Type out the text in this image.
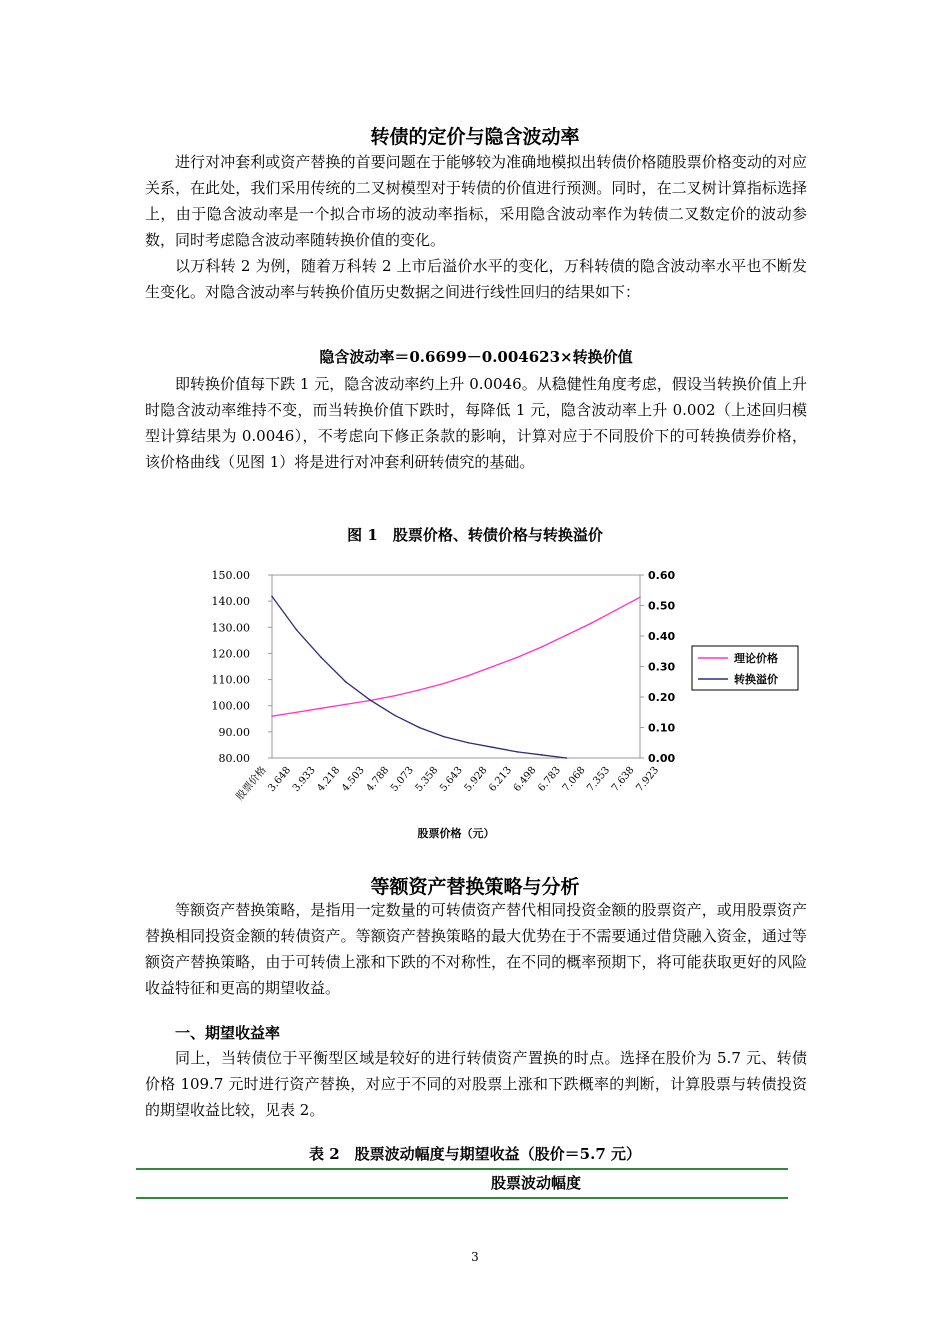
转债的定价与隐含波动率

进行对冲套利或资产替换的首要问题在于能够较为准确地模拟出转债价格随股票价格变动的对应关系，在此处，我们采用传统的二叉树模型对于转债的价值进行预测。同时，在二叉树计算指标选择上，由于隐含波动率是一个拟合市场的波动率指标，采用隐含波动率作为转债二叉数定价的波动参数，同时考虑隐含波动率随转换价值的变化。

以万科转 2 为例，随着万科转 2 上市后溢价水平的变化，万科转债的隐含波动率水平也不断发生变化。对隐含波动率与转换价值历史数据之间进行线性回归的结果如下：

隐含波动率＝0.6699－0.004623×转换价值

即转换价值每下跌 1 元，隐含波动率约上升 0.0046。从稳健性角度考虑，假设当转换价值上升时隐含波动率维持不变，而当转换价值下跌时，每降低 1 元，隐含波动率上升 0.002（上述回归模型计算结果为 0.0046），不考虑向下修正条款的影响，计算对应于不同股价下的可转换债券价格，该价格曲线（见图 1）将是进行对冲套利研转债究的基础。

图 1　股票价格、转债价格与转换溢价
80.00
90.00
100.00
110.00
120.00
130.00
140.00
150.00
0.00
0.10
0.20
0.30
0.40
0.50
0.60
股票价格
3.648
3.933
4.218
4.503
4.788
5.073
5.358
5.643
5.928
6.213
6.498
6.783
7.068
7.353
7.638
7.923
理论价格
转换溢价
股票价格（元）
等额资产替换策略与分析

等额资产替换策略，是指用一定数量的可转债资产替代相同投资金额的股票资产，或用股票资产替换相同投资金额的转债资产。等额资产替换策略的最大优势在于不需要通过借贷融入资金，通过等额资产替换策略，由于可转债上涨和下跌的不对称性，在不同的概率预期下，将可能获取更好的风险收益特征和更高的期望收益。

一、期望收益率

同上，当转债位于平衡型区域是较好的进行转债资产置换的时点。选择在股价为 5.7 元、转债价格 109.7 元时进行资产替换，对应于不同的对股票上涨和下跌概率的判断，计算股票与转债投资的期望收益比较，见表 2。

表 2　股票波动幅度与期望收益（股价＝5.7 元）
股票波动幅度
3
